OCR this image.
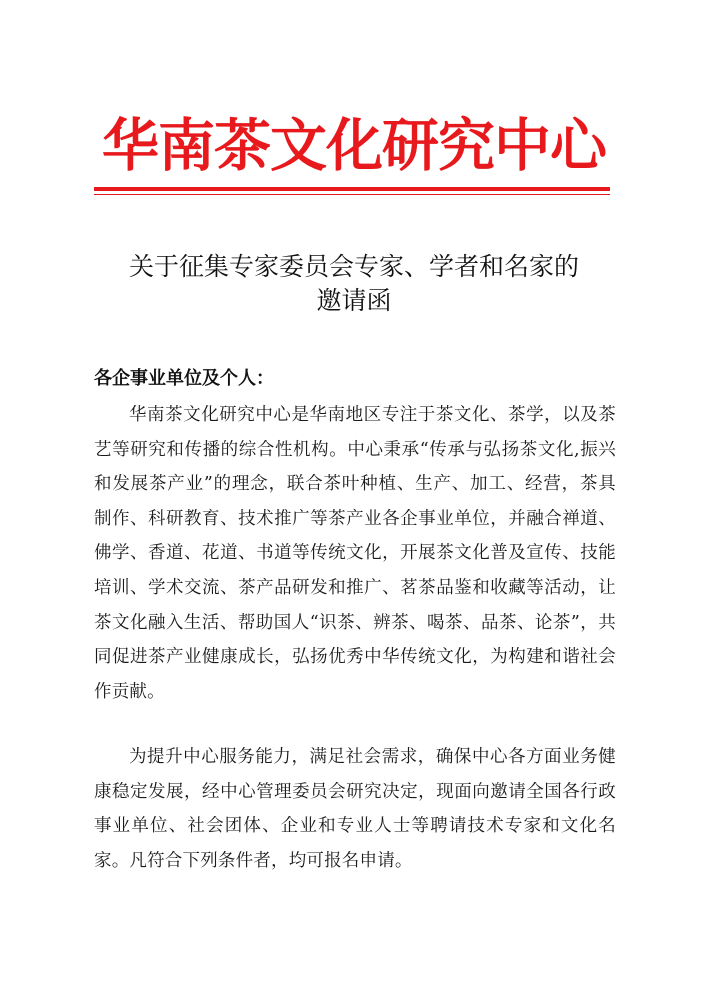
华南茶文化研究中心
关于征集专家委员会专家、学者和名家的
邀请函
各企事业单位及个人：
华南茶文化研究中心是华南地区专注于茶文化、茶学，以及茶艺等研究和传播的综合性机构。中心秉承“传承与弘扬茶文化,振兴和发展茶产业”的理念，联合茶叶种植、生产、加工、经营，茶具制作、科研教育、技术推广等茶产业各企事业单位，并融合禅道、佛学、香道、花道、书道等传统文化，开展茶文化普及宣传、技能培训、学术交流、茶产品研发和推广、茗茶品鉴和收藏等活动，让茶文化融入生活、帮助国人“识茶、辨茶、喝茶、品茶、论茶”，共同促进茶产业健康成长，弘扬优秀中华传统文化，为构建和谐社会作贡献。
为提升中心服务能力，满足社会需求，确保中心各方面业务健康稳定发展，经中心管理委员会研究决定，现面向邀请全国各行政事业单位、社会团体、企业和专业人士等聘请技术专家和文化名家。凡符合下列条件者，均可报名申请。
